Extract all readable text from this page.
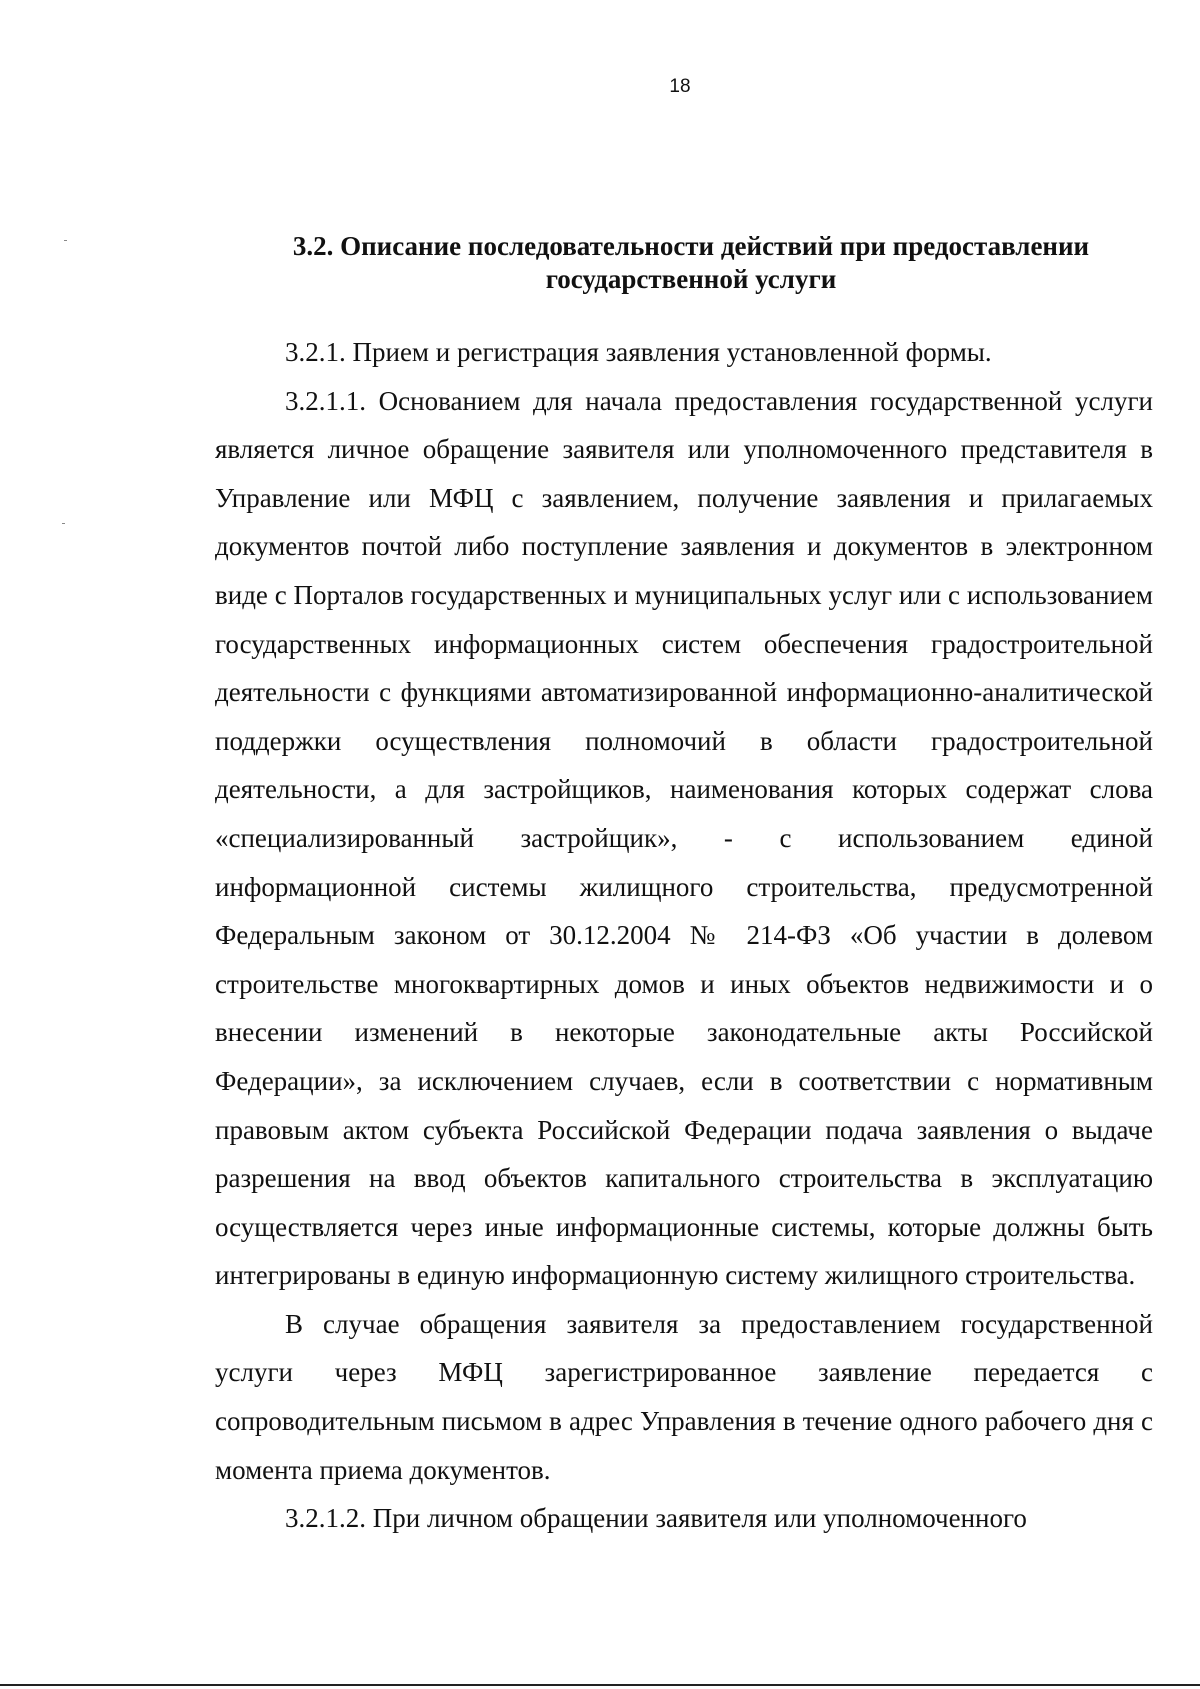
18
3.2. Описание последовательности действий при предоставлении
государственной услуги

3.2.1. Прием и регистрация заявления установленной формы.

3.2.1.1. Основанием для начала предоставления государственной услуги является личное обращение заявителя или уполномоченного представителя в Управление или МФЦ с заявлением, получение заявления и прилагаемых документов почтой либо поступление заявления и документов в электронном виде с Порталов государственных и муниципальных услуг или с использованием государственных информационных систем обеспечения градостроительной деятельности с функциями автоматизированной информационно-аналитической поддержки осуществления полномочий в области градостроительной деятельности, а для застройщиков, наименования которых содержат слова «специализированный застройщик», - с использованием единой информационной системы жилищного строительства, предусмотренной Федеральным законом от 30.12.2004 № 214-ФЗ «Об участии в долевом строительстве многоквартирных домов и иных объектов недвижимости и о внесении изменений в некоторые законодательные акты Российской Федерации», за исключением случаев, если в соответствии с нормативным правовым актом субъекта Российской Федерации подача заявления о выдаче разрешения на ввод объектов капитального строительства в эксплуатацию осуществляется через иные информационные системы, которые должны быть интегрированы в единую информационную систему жилищного строительства.

В случае обращения заявителя за предоставлением государственной услуги через МФЦ зарегистрированное заявление передается с сопроводительным письмом в адрес Управления в течение одного рабочего дня с момента приема документов.

3.2.1.2. При личном обращении заявителя или уполномоченного
